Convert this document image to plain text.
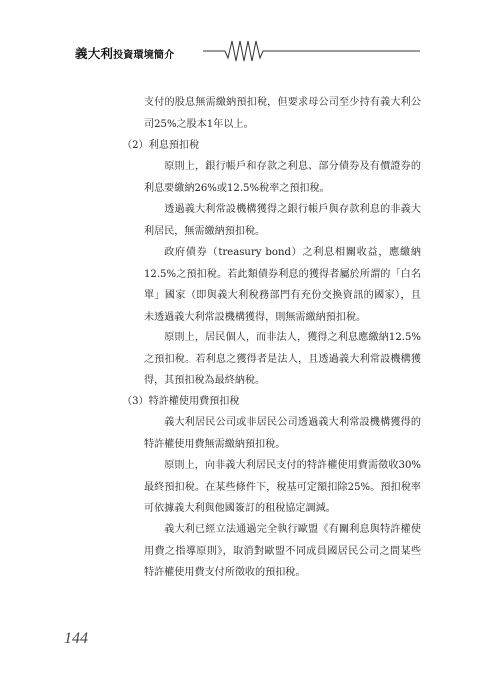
義大利投資環境簡介
支付的股息無需繳納預扣稅，但要求母公司至少持有義大利公司25%之股本1年以上。
（2）利息預扣稅
原則上，銀行帳戶和存款之利息、部分債券及有價證券的利息要繳納26%或12.5%稅率之預扣稅。
透過義大利常設機構獲得之銀行帳戶與存款利息的非義大利居民，無需繳納預扣稅。
政府債券（treasury bond）之利息相關收益，應繳納12.5%之預扣稅。若此類債券利息的獲得者屬於所謂的「白名單」國家（即與義大利稅務部門有充份交換資訊的國家），且未透過義大利常設機構獲得，則無需繳納預扣稅。
原則上，居民個人，而非法人，獲得之利息應繳納12.5%之預扣稅。若利息之獲得者是法人，且透過義大利常設機構獲得，其預扣稅為最終納稅。
（3）特許權使用費預扣稅
義大利居民公司或非居民公司透過義大利常設機構獲得的特許權使用費無需繳納預扣稅。
原則上，向非義大利居民支付的特許權使用費需徵收30%最終預扣稅。在某些條件下，稅基可定額扣除25%。預扣稅率可依據義大利與他國簽訂的租稅協定調減。
義大利已經立法通過完全執行歐盟《有關利息與特許權使用費之指導原則》，取消對歐盟不同成員國居民公司之間某些特許權使用費支付所徵收的預扣稅。
144
